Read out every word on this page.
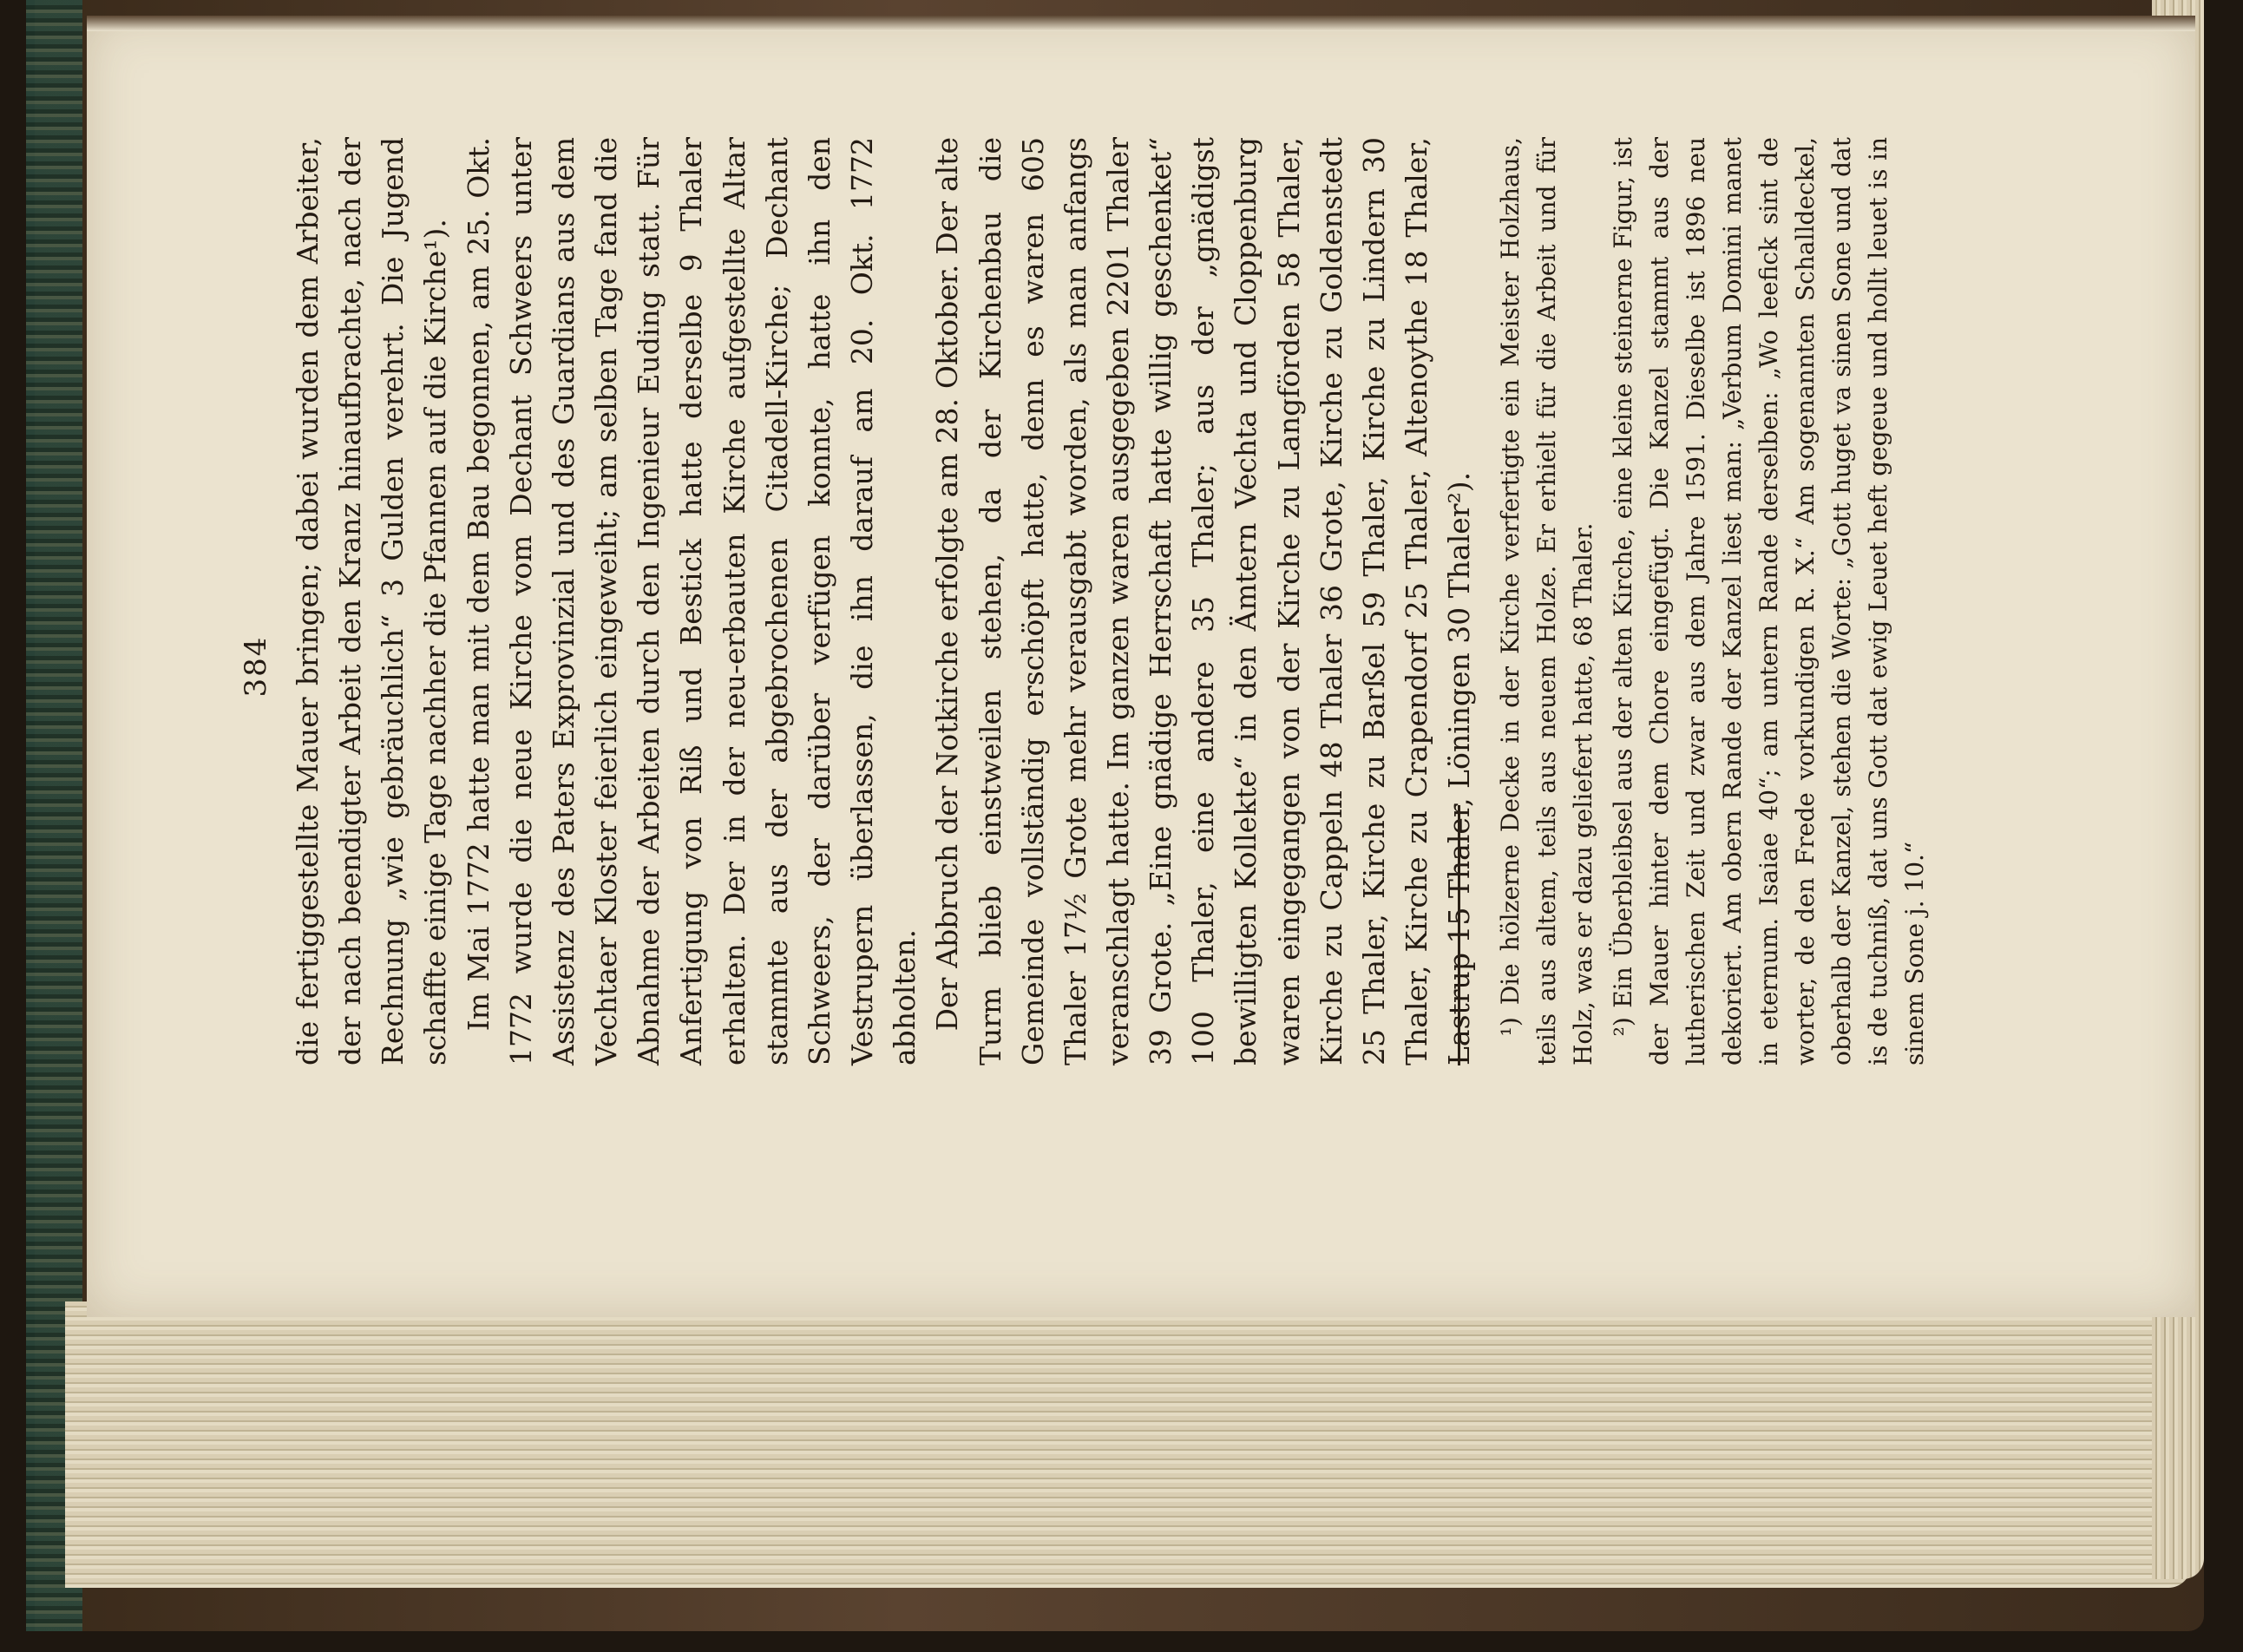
384 die fertiggestellte Mauer bringen; dabei wurden dem Arbeiter, der nach beendigter Arbeit den Kranz hinaufbrachte, nach der Rechnung „wie gebräuchlich“ 3 Gulden verehrt. Die Jugend schaffte einige Tage nachher die Pfannen auf die Kirche¹). Im Mai 1772 hatte man mit dem Bau begonnen, am 25. Okt. 1772 wurde die neue Kirche vom Dechant Schweers unter Assistenz des Paters Exprovinzial und des Guardians aus dem Vechtaer Kloster feierlich eingeweiht; am selben Tage fand die Abnahme der Arbeiten durch den Ingenieur Euding statt. Für Anfertigung von Riß und Bestick hatte derselbe 9 Thaler erhalten. Der in der neu-erbauten Kirche aufgestellte Altar stammte aus der abgebrochenen Citadell-Kirche; Dechant Schweers, der darüber verfügen konnte, hatte ihn den Vestrupern überlassen, die ihn darauf am 20. Okt. 1772 abholten. Der Abbruch der Notkirche erfolgte am 28. Oktober. Der alte Turm blieb einstweilen stehen, da der Kirchenbau die Gemeinde vollständig erschöpft hatte, denn es waren 605 Thaler 17½ Grote mehr verausgabt worden, als man anfangs veranschlagt hatte. Im ganzen waren ausgegeben 2201 Thaler 39 Grote. „Eine gnädige Herrschaft hatte willig geschenket“ 100 Thaler, eine andere 35 Thaler; aus der „gnädigst bewilligten Kollekte“ in den Ämtern Vechta und Cloppenburg waren eingegangen von der Kirche zu Langförden 58 Thaler, Kirche zu Cappeln 48 Thaler 36 Grote, Kirche zu Goldenstedt 25 Thaler, Kirche zu Barßel 59 Thaler, Kirche zu Lindern 30 Thaler, Kirche zu Crapendorf 25 Thaler, Altenoythe 18 Thaler, Lastrup 15 Thaler, Löningen 30 Thaler²). ¹) Die hölzerne Decke in der Kirche verfertigte ein Meister Holzhaus, teils aus altem, teils aus neuem Holze. Er erhielt für die Arbeit und für Holz, was er dazu geliefert hatte, 68 Thaler. ²) Ein Überbleibsel aus der alten Kirche, eine kleine steinerne Figur, ist der Mauer hinter dem Chore eingefügt. Die Kanzel stammt aus der lutherischen Zeit und zwar aus dem Jahre 1591. Dieselbe ist 1896 neu dekoriert. Am obern Rande der Kanzel liest man: „Verbum Domini manet in eternum. Isaiae 40“; am untern Rande derselben: „Wo leefick sint de worter, de den Frede vorkundigen R. X.“ Am sogenannten Schalldeckel, oberhalb der Kanzel, stehen die Worte: „Gott huget va sinen Sone und dat is de tuchniß, dat uns Gott dat ewig Leuet heft gegeue und hollt leuet is in sinem Sone j. 10.“
